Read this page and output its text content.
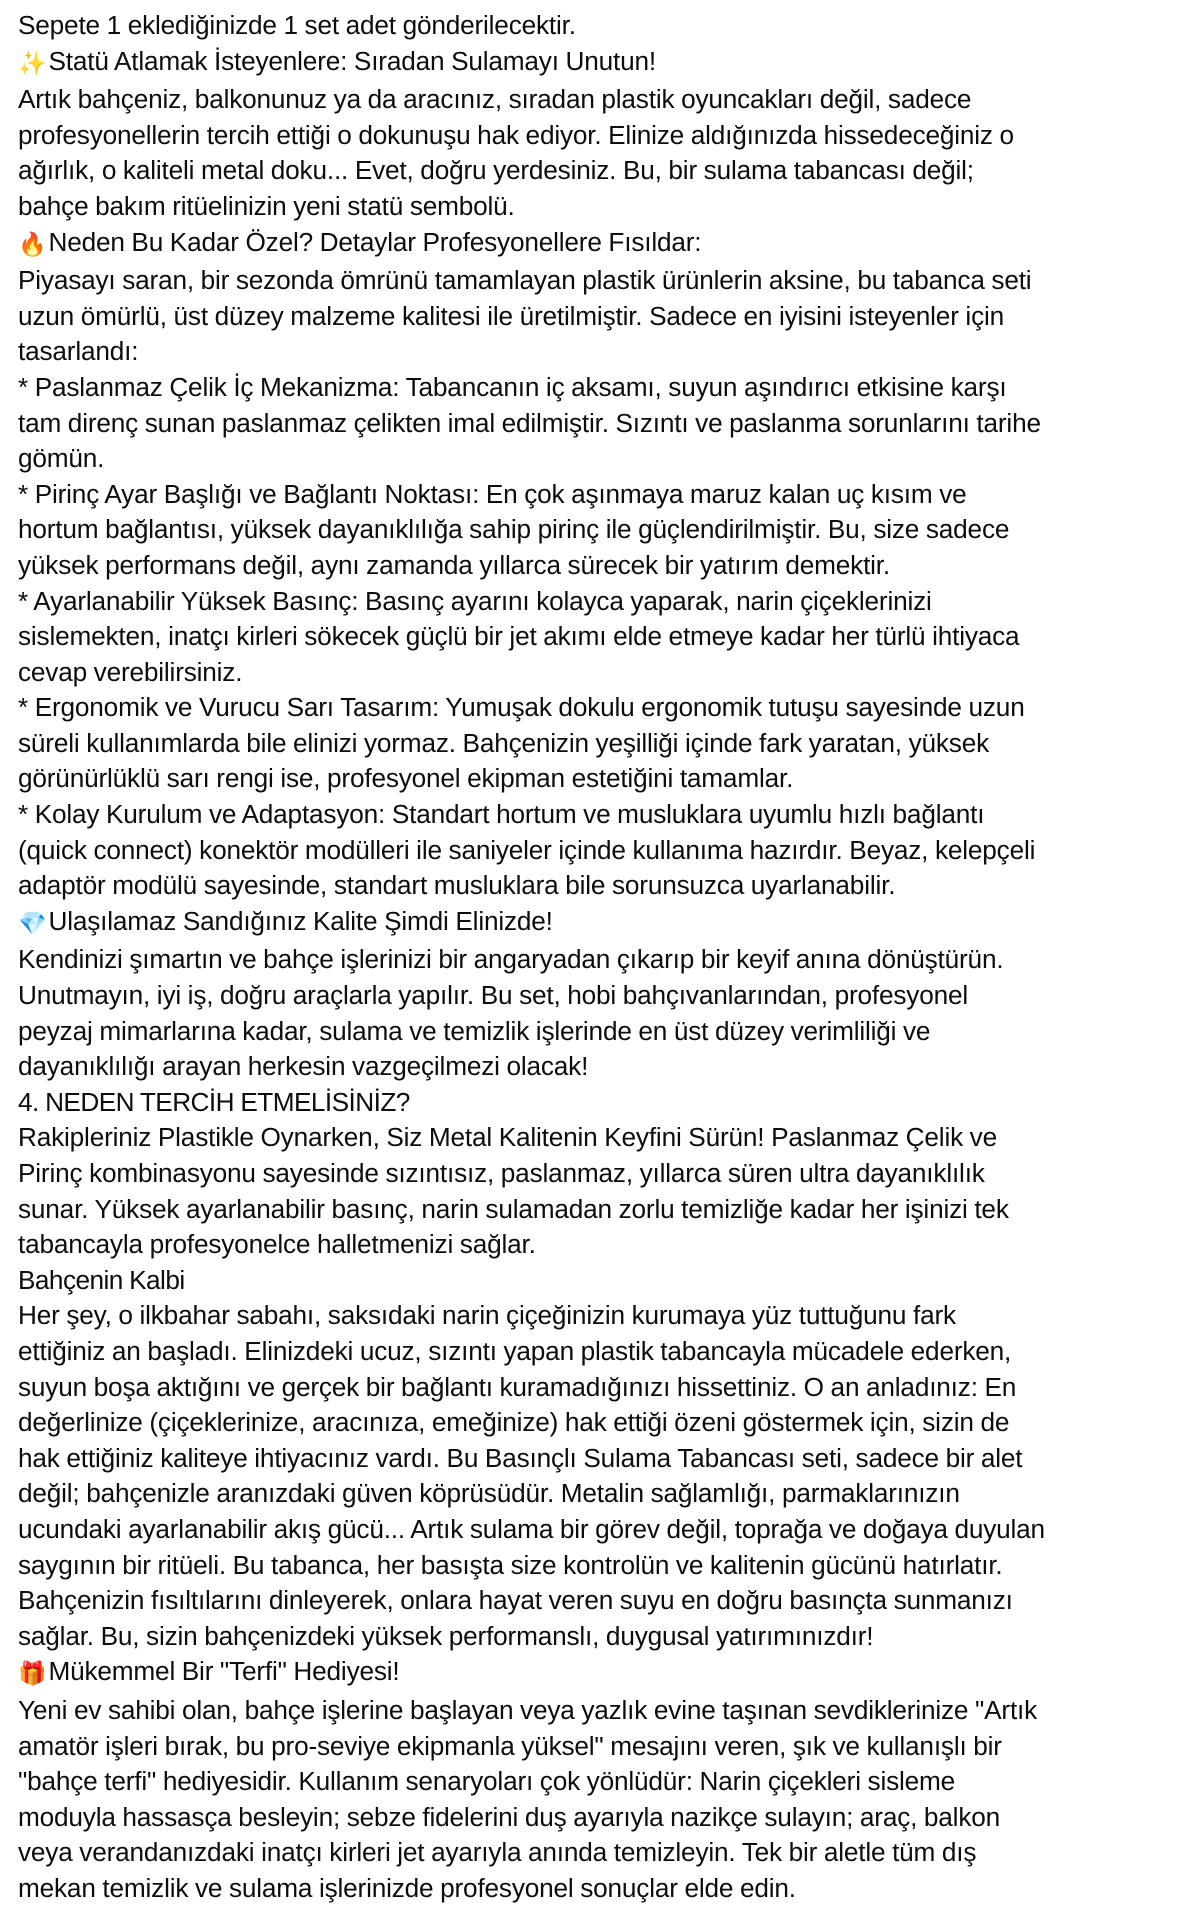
Sepete 1 eklediğinizde 1 set adet gönderilecektir.

✨Statü Atlamak İsteyenlere: Sıradan Sulamayı Unutun!

Artık bahçeniz, balkonunuz ya da aracınız, sıradan plastik oyuncakları değil, sadece profesyonellerin tercih ettiği o dokunuşu hak ediyor. Elinize aldığınızda hissedeceğiniz o ağırlık, o kaliteli metal doku... Evet, doğru yerdesiniz. Bu, bir sulama tabancası değil; bahçe bakım ritüelinizin yeni statü sembolü.

🔥Neden Bu Kadar Özel? Detaylar Profesyonellere Fısıldar:

Piyasayı saran, bir sezonda ömrünü tamamlayan plastik ürünlerin aksine, bu tabanca seti uzun ömürlü, üst düzey malzeme kalitesi ile üretilmiştir. Sadece en iyisini isteyenler için tasarlandı:

* Paslanmaz Çelik İç Mekanizma: Tabancanın iç aksamı, suyun aşındırıcı etkisine karşı tam direnç sunan paslanmaz çelikten imal edilmiştir. Sızıntı ve paslanma sorunlarını tarihe gömün.

* Pirinç Ayar Başlığı ve Bağlantı Noktası: En çok aşınmaya maruz kalan uç kısım ve hortum bağlantısı, yüksek dayanıklılığa sahip pirinç ile güçlendirilmiştir. Bu, size sadece yüksek performans değil, aynı zamanda yıllarca sürecek bir yatırım demektir.

* Ayarlanabilir Yüksek Basınç: Basınç ayarını kolayca yaparak, narin çiçeklerinizi sislemekten, inatçı kirleri sökecek güçlü bir jet akımı elde etmeye kadar her türlü ihtiyaca cevap verebilirsiniz.

* Ergonomik ve Vurucu Sarı Tasarım: Yumuşak dokulu ergonomik tutuşu sayesinde uzun süreli kullanımlarda bile elinizi yormaz. Bahçenizin yeşilliği içinde fark yaratan, yüksek görünürlüklü sarı rengi ise, profesyonel ekipman estetiğini tamamlar.

* Kolay Kurulum ve Adaptasyon: Standart hortum ve musluklara uyumlu hızlı bağlantı (quick connect) konektör modülleri ile saniyeler içinde kullanıma hazırdır. Beyaz, kelepçeli adaptör modülü sayesinde, standart musluklara bile sorunsuzca uyarlanabilir.

💎Ulaşılamaz Sandığınız Kalite Şimdi Elinizde!

Kendinizi şımartın ve bahçe işlerinizi bir angaryadan çıkarıp bir keyif anına dönüştürün. Unutmayın, iyi iş, doğru araçlarla yapılır. Bu set, hobi bahçıvanlarından, profesyonel peyzaj mimarlarına kadar, sulama ve temizlik işlerinde en üst düzey verimliliği ve dayanıklılığı arayan herkesin vazgeçilmezi olacak!

4. NEDEN TERCİH ETMELİSİNİZ?

Rakipleriniz Plastikle Oynarken, Siz Metal Kalitenin Keyfini Sürün! Paslanmaz Çelik ve Pirinç kombinasyonu sayesinde sızıntısız, paslanmaz, yıllarca süren ultra dayanıklılık sunar. Yüksek ayarlanabilir basınç, narin sulamadan zorlu temizliğe kadar her işinizi tek tabancayla profesyonelce halletmenizi sağlar.

Bahçenin Kalbi

Her şey, o ilkbahar sabahı, saksıdaki narin çiçeğinizin kurumaya yüz tuttuğunu fark ettiğiniz an başladı. Elinizdeki ucuz, sızıntı yapan plastik tabancayla mücadele ederken, suyun boşa aktığını ve gerçek bir bağlantı kuramadığınızı hissettiniz. O an anladınız: En değerlinize (çiçeklerinize, aracınıza, emeğinize) hak ettiği özeni göstermek için, sizin de hak ettiğiniz kaliteye ihtiyacınız vardı. Bu Basınçlı Sulama Tabancası seti, sadece bir alet değil; bahçenizle aranızdaki güven köprüsüdür. Metalin sağlamlığı, parmaklarınızın ucundaki ayarlanabilir akış gücü... Artık sulama bir görev değil, toprağa ve doğaya duyulan saygının bir ritüeli. Bu tabanca, her basışta size kontrolün ve kalitenin gücünü hatırlatır. Bahçenizin fısıltılarını dinleyerek, onlara hayat veren suyu en doğru basınçta sunmanızı sağlar. Bu, sizin bahçenizdeki yüksek performanslı, duygusal yatırımınızdır!

🎁Mükemmel Bir "Terfi" Hediyesi!

Yeni ev sahibi olan, bahçe işlerine başlayan veya yazlık evine taşınan sevdiklerinize "Artık amatör işleri bırak, bu pro-seviye ekipmanla yüksel" mesajını veren, şık ve kullanışlı bir "bahçe terfi" hediyesidir. Kullanım senaryoları çok yönlüdür: Narin çiçekleri sisleme moduyla hassasça besleyin; sebze fidelerini duş ayarıyla nazikçe sulayın; araç, balkon veya verandanızdaki inatçı kirleri jet ayarıyla anında temizleyin. Tek bir aletle tüm dış mekan temizlik ve sulama işlerinizde profesyonel sonuçlar elde edin.
